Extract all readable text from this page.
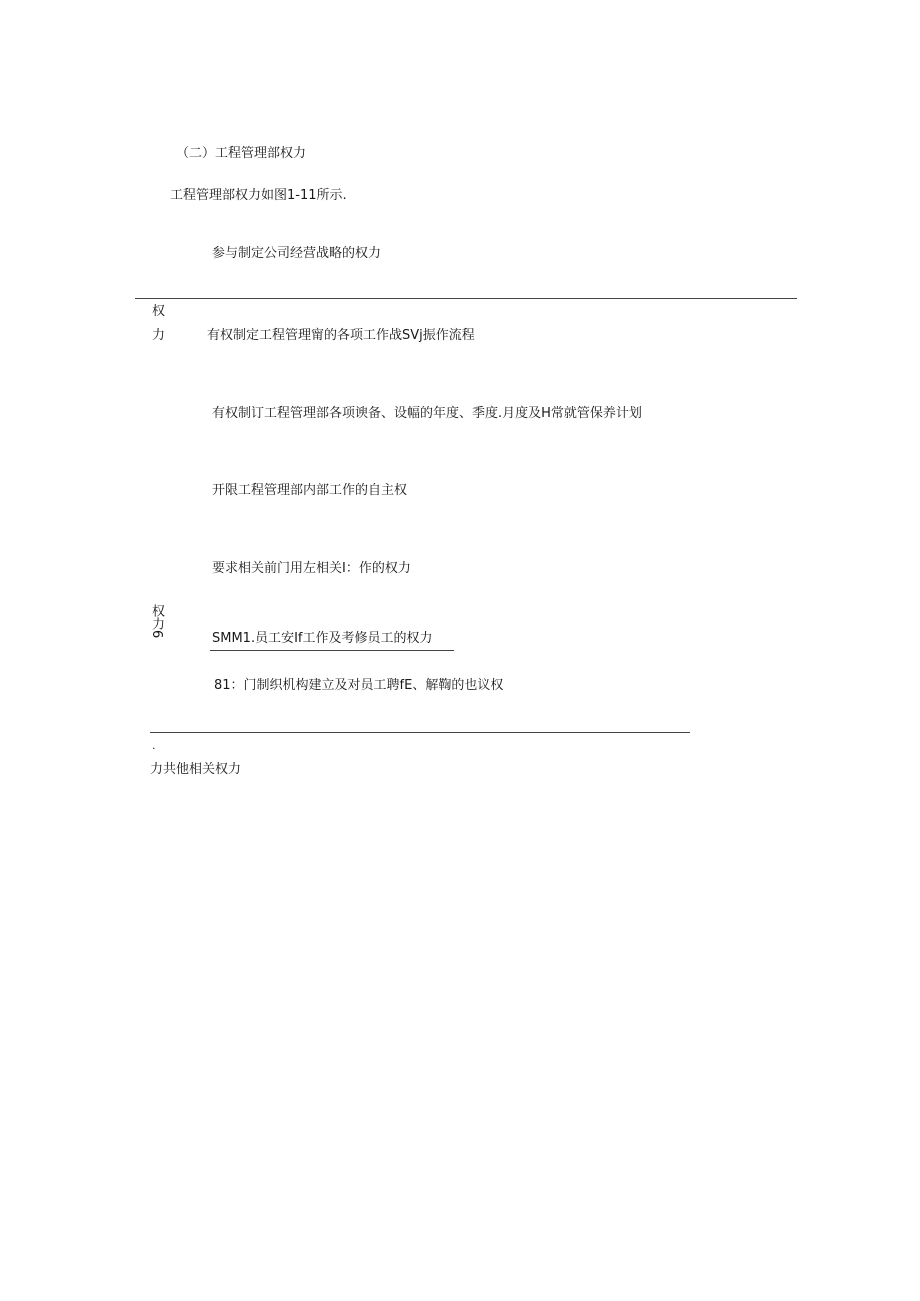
（二）工程管理部权力
工程管理部权力如图1-11所示.
参与制定公司经营战略的权力
权
力	有权制定工程管理甯的各项工作战SVj振作流程
有权制订工程管理部各项谀备、设幅的年度、季度.月度及H常就管保养计划
开限工程管理部内部工作的自主权
要求相关前门用左相关I：作的权力
权力6
SMM1.员工安If工作及考修员工的权力
81：门制织机构建立及对员工聘fE、解鞫的也议权
.
力共他相关权力
